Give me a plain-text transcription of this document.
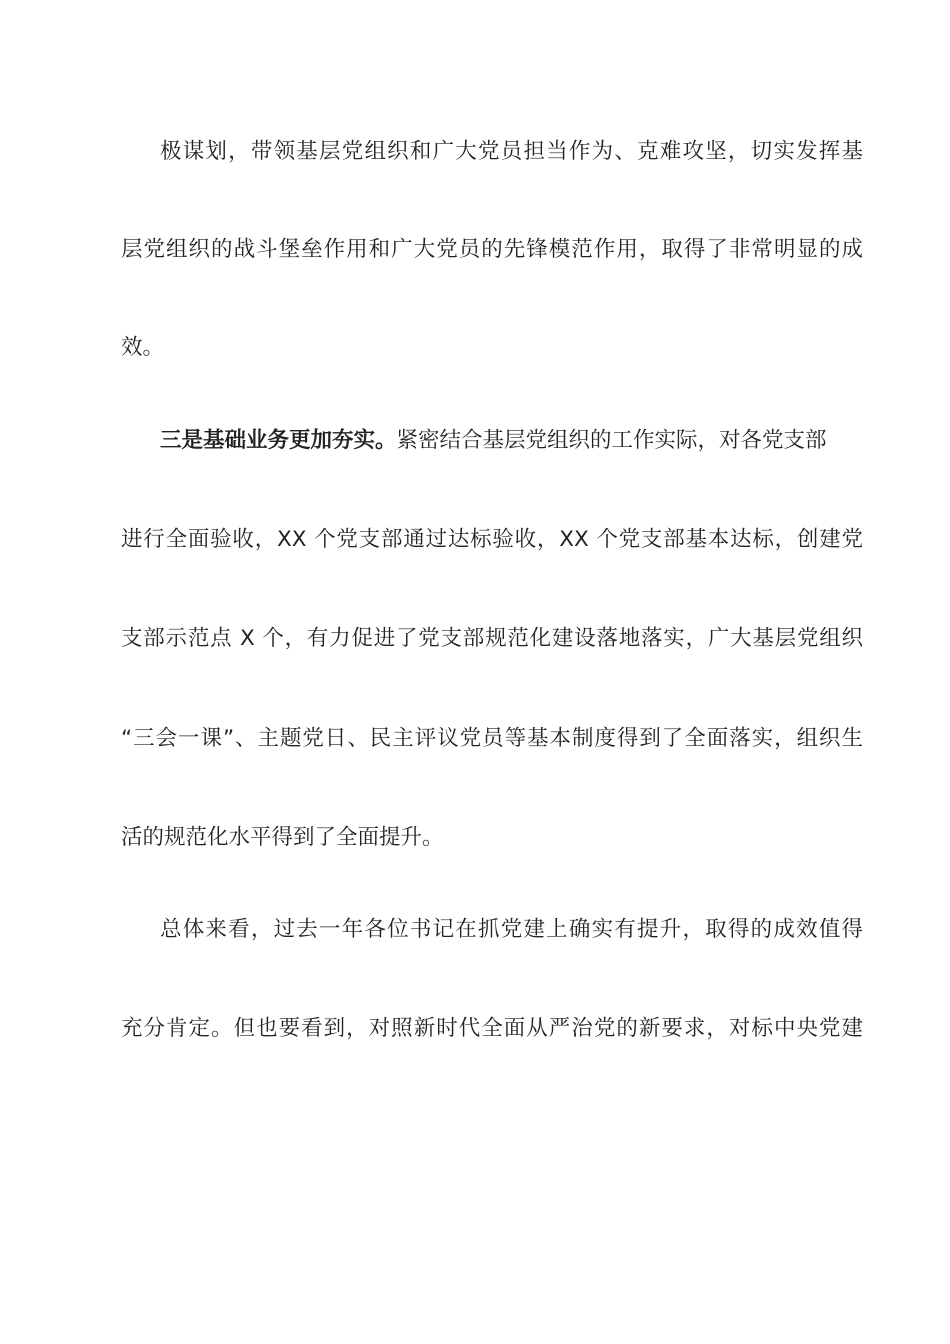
极谋划，带领基层党组织和广大党员担当作为、克难攻坚，切实发挥基
层党组织的战斗堡垒作用和广大党员的先锋模范作用，取得了非常明显的成
效。
三是基础业务更加夯实。紧密结合基层党组织的工作实际，对各党支部
进行全面验收，XX 个党支部通过达标验收，XX 个党支部基本达标，创建党
支部示范点 X 个，有力促进了党支部规范化建设落地落实，广大基层党组织
“三会一课”、主题党日、民主评议党员等基本制度得到了全面落实，组织生
活的规范化水平得到了全面提升。
总体来看，过去一年各位书记在抓党建上确实有提升，取得的成效值得
充分肯定。但也要看到，对照新时代全面从严治党的新要求，对标中央党建
